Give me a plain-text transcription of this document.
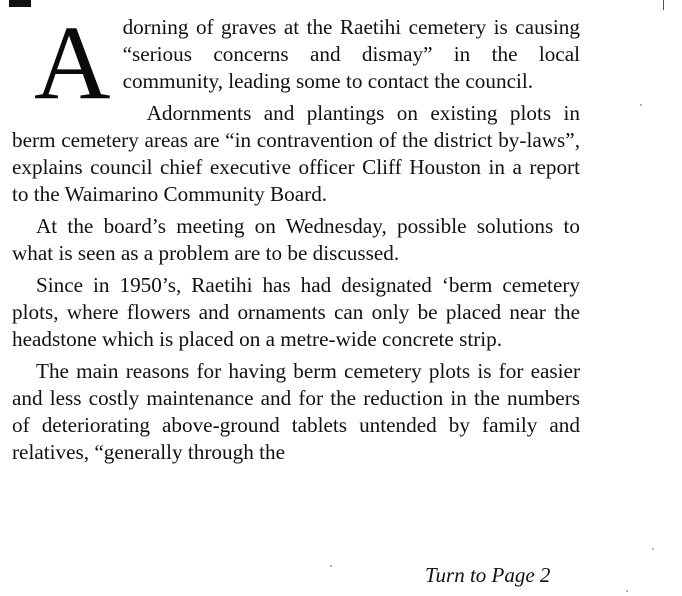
Adorning of graves at the Raetihi cemetery is causing “serious concerns and dismay” in the local community, leading some to contact the council.

Adornments and plantings on existing plots in berm cemetery areas are “in contravention of the district by-laws”, explains council chief executive officer Cliff Houston in a report to the Waimarino Community Board.

At the board’s meeting on Wednesday, possible solutions to what is seen as a problem are to be discussed.

Since in 1950’s, Raetihi has had designated ‘berm cemetery plots, where flowers and ornaments can only be placed near the headstone which is placed on a metre-wide concrete strip.

The main reasons for having berm cemetery plots is for easier and less costly maintenance and for the reduction in the numbers of deteriorating above-ground tablets untended by family and relatives, “generally through the

Turn to Page 2
